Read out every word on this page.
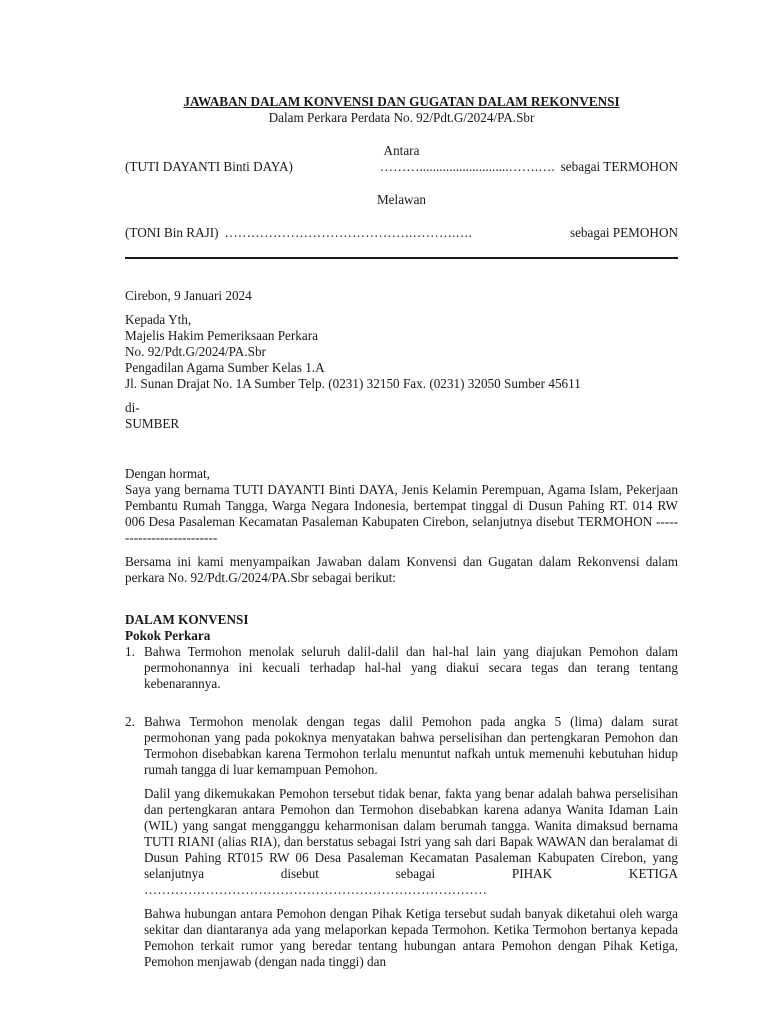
JAWABAN DALAM KONVENSI DAN GUGATAN DALAM REKONVENSI
Dalam Perkara Perdata No. 92/Pdt.G/2024/PA.Sbr
Antara
(TUTI DAYANTI Binti DAYA)	………...........................…….…. sebagai TERMOHON
Melawan
(TONI Bin RAJI) …………………………………….……….….	sebagai PEMOHON
Cirebon, 9 Januari 2024
Kepada Yth,
Majelis Hakim Pemeriksaan Perkara
No. 92/Pdt.G/2024/PA.Sbr
Pengadilan Agama Sumber Kelas 1.A
Jl. Sunan Drajat No. 1A Sumber Telp. (0231) 32150 Fax. (0231) 32050 Sumber 45611
di-
SUMBER
Dengan hormat,
Saya yang bernama TUTI DAYANTI Binti DAYA, Jenis Kelamin Perempuan, Agama Islam, Pekerjaan Pembantu Rumah Tangga, Warga Negara Indonesia, bertempat tinggal di Dusun Pahing RT. 014 RW 006 Desa Pasaleman Kecamatan Pasaleman Kabupaten Cirebon, selanjutnya disebut TERMOHON --------------------------
Bersama ini kami menyampaikan Jawaban dalam Konvensi dan Gugatan dalam Rekonvensi dalam perkara No. 92/Pdt.G/2024/PA.Sbr sebagai berikut:
DALAM KONVENSI
Pokok Perkara
1. Bahwa Termohon menolak seluruh dalil-dalil dan hal-hal lain yang diajukan Pemohon dalam permohonannya ini kecuali terhadap hal-hal yang diakui secara tegas dan terang tentang kebenarannya.
2. Bahwa Termohon menolak dengan tegas dalil Pemohon pada angka 5 (lima) dalam surat permohonan yang pada pokoknya menyatakan bahwa perselisihan dan pertengkaran Pemohon dan Termohon disebabkan karena Termohon terlalu menuntut nafkah untuk memenuhi kebutuhan hidup rumah tangga di luar kemampuan Pemohon.
Dalil yang dikemukakan Pemohon tersebut tidak benar, fakta yang benar adalah bahwa perselisihan dan pertengkaran antara Pemohon dan Termohon disebabkan karena adanya Wanita Idaman Lain (WIL) yang sangat mengganggu keharmonisan dalam berumah tangga. Wanita dimaksud bernama TUTI RIANI (alias RIA), dan berstatus sebagai Istri yang sah dari Bapak WAWAN dan beralamat di Dusun Pahing RT015 RW 06 Desa Pasaleman Kecamatan Pasaleman Kabupaten Cirebon, yang selanjutnya disebut sebagai PIHAK KETIGA
……………………………………………………………………
Bahwa hubungan antara Pemohon dengan Pihak Ketiga tersebut sudah banyak diketahui oleh warga sekitar dan diantaranya ada yang melaporkan kepada Termohon. Ketika Termohon bertanya kepada Pemohon terkait rumor yang beredar tentang hubungan antara Pemohon dengan Pihak Ketiga, Pemohon menjawab (dengan nada tinggi) dan
